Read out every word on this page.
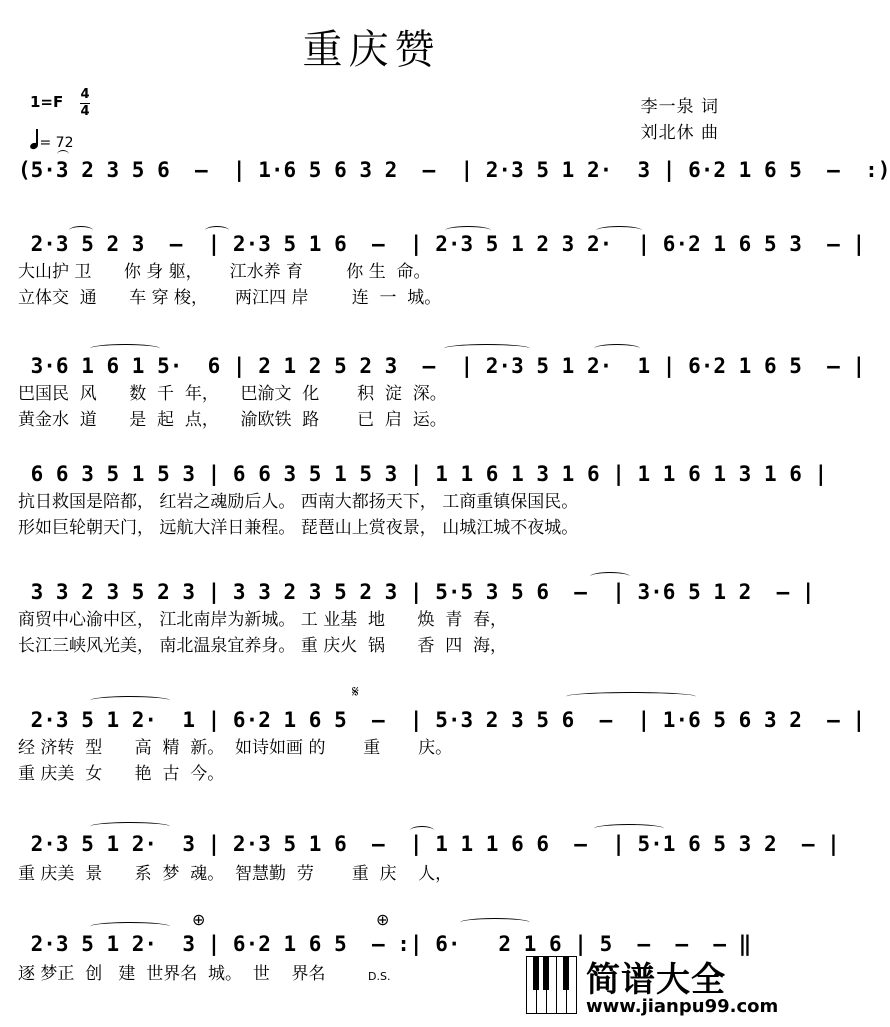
重庆赞
1=F 4
4
= 72
李一泉 词
刘北休 曲
(5·3 2 3 5 6  –  | 1·6 5 6 3 2  –  | 2·3 5 1 2·  3 | 6·2 1 6 5  –  :)
2·3 5 2 3  –  | 2·3 5 1 6  –  | 2·3 5 1 2 3 2·  | 6·2 1 6 5 3  – |
大山护 卫      你 身 躯，     江水养 育        你 生  命。
立体交  通      车 穿 梭，     两江四 岸        连  一  城。
3·6 1 6 1 5·  6 | 2 1 2 5 2 3  –  | 2·3 5 1 2·  1 | 6·2 1 6 5  – |
巴国民  风      数  千  年，    巴渝文  化       积  淀  深。
黄金水  道      是  起  点，    渝欧铁  路       已  启  运。
6 6 3 5 1 5 3 | 6 6 3 5 1 5 3 | 1 1 6 1 3 1 6 | 1 1 6 1 3 1 6 |
抗日救国是陪都， 红岩之魂励后人。 西南大都扬天下， 工商重镇保国民。
形如巨轮朝天门， 远航大洋日兼程。 琵琶山上赏夜景， 山城江城不夜城。
3 3 2 3 5 2 3 | 3 3 2 3 5 2 3 | 5·5 3 5 6  –  | 3·6 5 1 2  – |
商贸中心渝中区， 江北南岸为新城。 工 业基  地      焕  青  春，
长江三峡风光美， 南北温泉宜养身。 重 庆火  锅      香  四  海，
𝄋
2·3 5 1 2·  1 | 6·2 1 6 5  –  | 5·3 2 3 5 6  –  | 1·6 5 6 3 2  – |
经 济转  型      高  精  新。  如诗如画 的       重       庆。
重 庆美  女      艳  古  今。
2·3 5 1 2·  3 | 2·3 5 1 6  –  | 1 1 1 6 6  –  | 5·1 6 5 3 2  – |
重 庆美  景      系  梦  魂。  智慧勤  劳       重  庆    人，
⊕	⊕
2·3 5 1 2·  3 | 6·2 1 6 5  – :| 6·   2 1 6 | 5  –  –  – ‖
逐 梦正  创   建  世界名  城。  世    界名	D.S.	简谱大全
www.jianpu99.com
